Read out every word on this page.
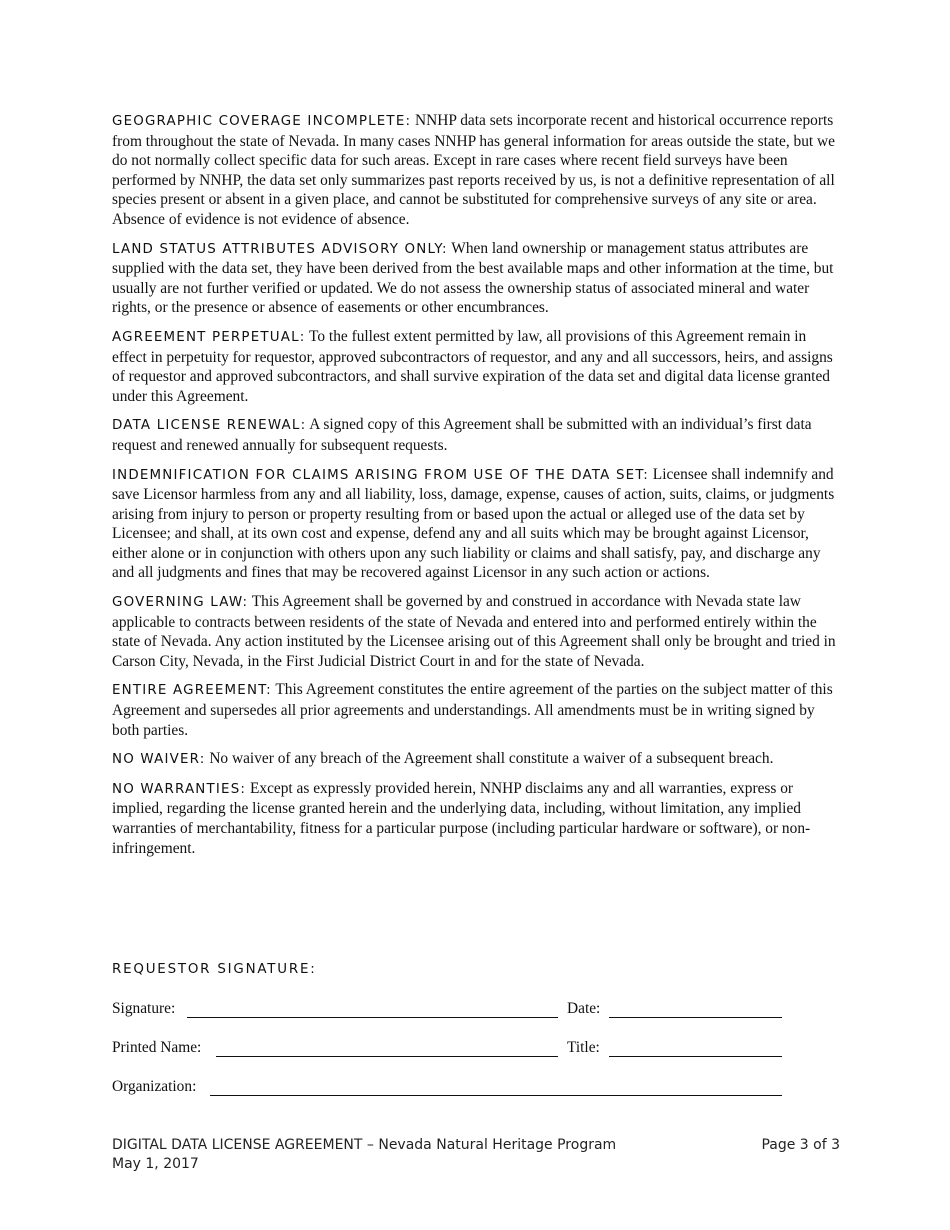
GEOGRAPHIC COVERAGE INCOMPLETE: NNHP data sets incorporate recent and historical occurrence reports from throughout the state of Nevada. In many cases NNHP has general information for areas outside the state, but we do not normally collect specific data for such areas. Except in rare cases where recent field surveys have been performed by NNHP, the data set only summarizes past reports received by us, is not a definitive representation of all species present or absent in a given place, and cannot be substituted for comprehensive surveys of any site or area. Absence of evidence is not evidence of absence.

LAND STATUS ATTRIBUTES ADVISORY ONLY: When land ownership or management status attributes are supplied with the data set, they have been derived from the best available maps and other information at the time, but usually are not further verified or updated. We do not assess the ownership status of associated mineral and water rights, or the presence or absence of easements or other encumbrances.

AGREEMENT PERPETUAL: To the fullest extent permitted by law, all provisions of this Agreement remain in effect in perpetuity for requestor, approved subcontractors of requestor, and any and all successors, heirs, and assigns of requestor and approved subcontractors, and shall survive expiration of the data set and digital data license granted under this Agreement.

DATA LICENSE RENEWAL: A signed copy of this Agreement shall be submitted with an individual’s first data request and renewed annually for subsequent requests.

INDEMNIFICATION FOR CLAIMS ARISING FROM USE OF THE DATA SET: Licensee shall indemnify and save Licensor harmless from any and all liability, loss, damage, expense, causes of action, suits, claims, or judgments arising from injury to person or property resulting from or based upon the actual or alleged use of the data set by Licensee; and shall, at its own cost and expense, defend any and all suits which may be brought against Licensor, either alone or in conjunction with others upon any such liability or claims and shall satisfy, pay, and discharge any and all judgments and fines that may be recovered against Licensor in any such action or actions.

GOVERNING LAW: This Agreement shall be governed by and construed in accordance with Nevada state law applicable to contracts between residents of the state of Nevada and entered into and performed entirely within the state of Nevada. Any action instituted by the Licensee arising out of this Agreement shall only be brought and tried in Carson City, Nevada, in the First Judicial District Court in and for the state of Nevada.

ENTIRE AGREEMENT: This Agreement constitutes the entire agreement of the parties on the subject matter of this Agreement and supersedes all prior agreements and understandings. All amendments must be in writing signed by both parties.

NO WAIVER: No waiver of any breach of the Agreement shall constitute a waiver of a subsequent breach.

NO WARRANTIES: Except as expressly provided herein, NNHP disclaims any and all warranties, express or implied, regarding the license granted herein and the underlying data, including, without limitation, any implied warranties of merchantability, fitness for a particular purpose (including particular hardware or software), or non-infringement.

REQUESTOR SIGNATURE:

Signature:	Date:
Printed Name:	Title:
Organization:
DIGITAL DATA LICENSE AGREEMENT – Nevada Natural Heritage Program	Page 3 of 3
May 1, 2017
